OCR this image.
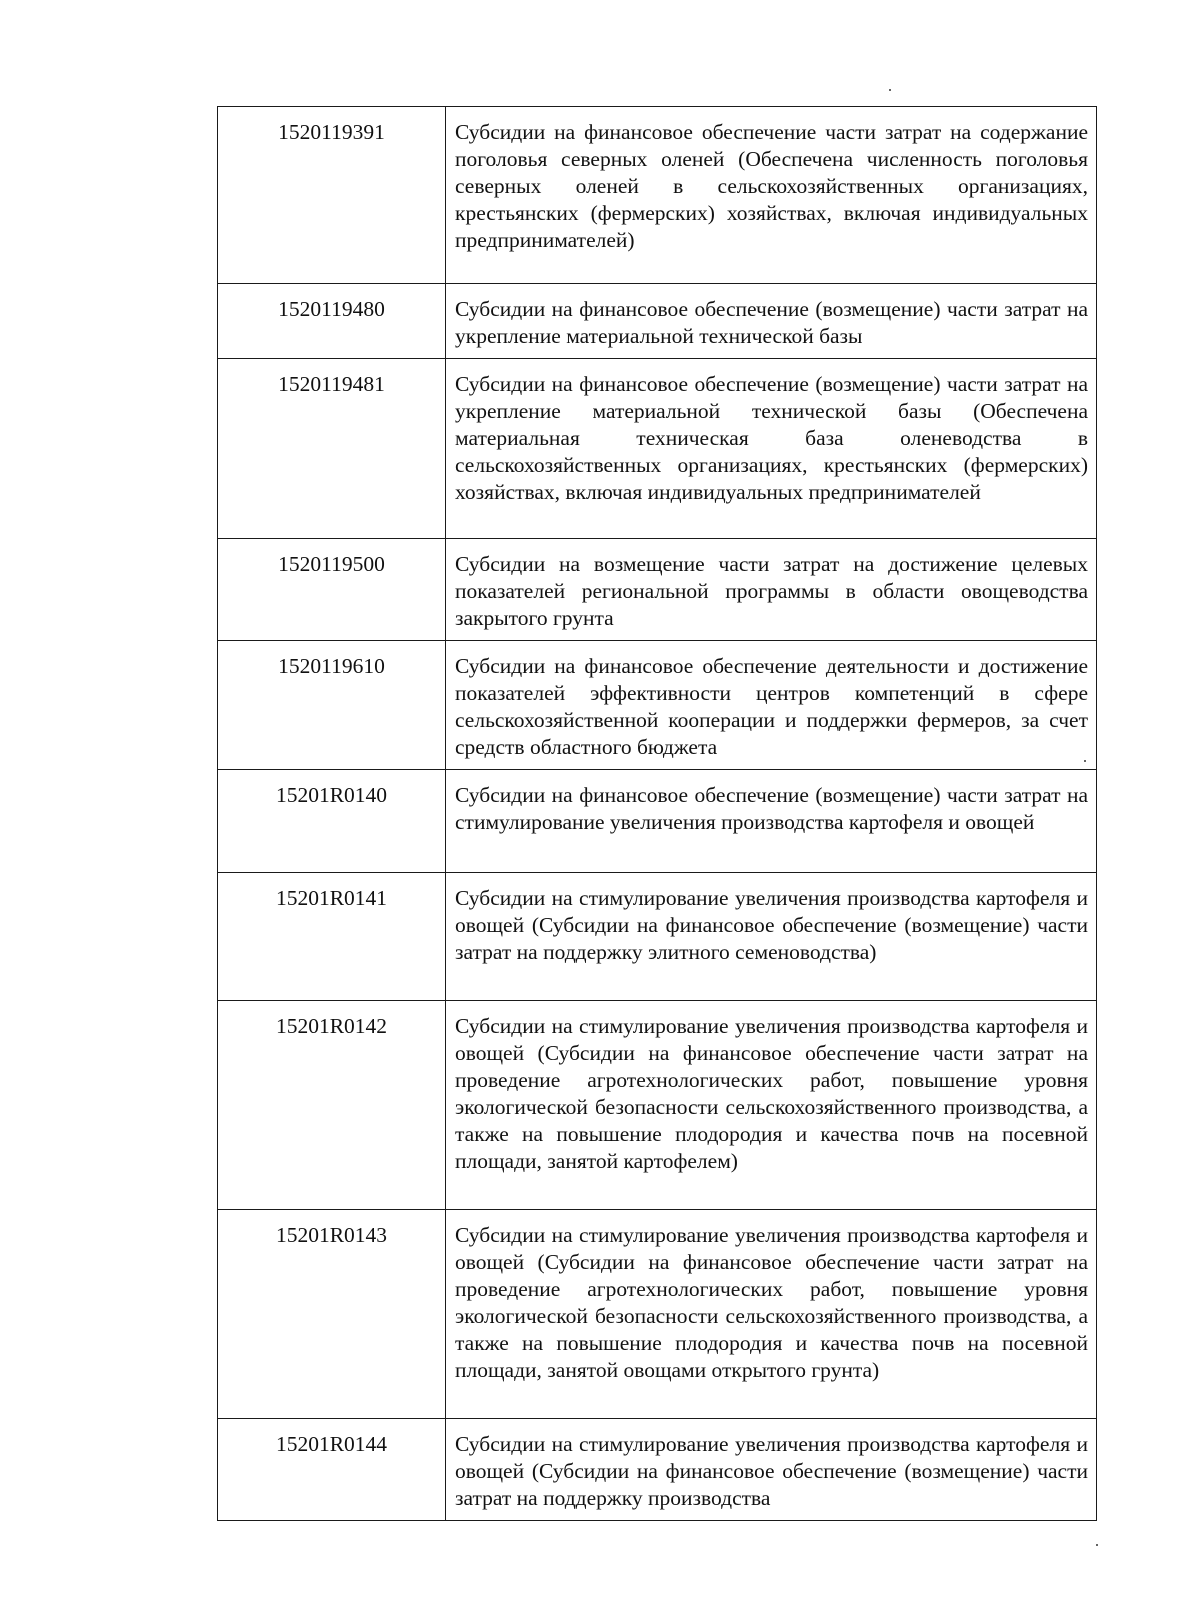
1520119391	Субсидии на финансовое обеспечение части затрат на содержание поголовья северных оленей (Обеспечена численность поголовья северных оленей в сельскохозяйственных организациях, крестьянских (фермерских) хозяйствах, включая индивидуальных предпринимателей)
1520119480	Субсидии на финансовое обеспечение (возмещение) части затрат на укрепление материальной технической базы
1520119481	Субсидии на финансовое обеспечение (возмещение) части затрат на укрепление материальной технической базы (Обеспечена материальная техническая база оленеводства в сельскохозяйственных организациях, крестьянских (фермерских) хозяйствах, включая индивидуальных предпринимателей
1520119500	Субсидии на возмещение части затрат на достижение целевых показателей региональной программы в области овощеводства закрытого грунта
1520119610	Субсидии на финансовое обеспечение деятельности и достижение показателей эффективности центров компетенций в сфере сельскохозяйственной кооперации и поддержки фермеров, за счет средств областного бюджета
15201R0140	Субсидии на финансовое обеспечение (возмещение) части затрат на стимулирование увеличения производства картофеля и овощей
15201R0141	Субсидии на стимулирование увеличения производства картофеля и овощей (Субсидии на финансовое обеспечение (возмещение) части затрат на поддержку элитного семеноводства)
15201R0142	Субсидии на стимулирование увеличения производства картофеля и овощей (Субсидии на финансовое обеспечение части затрат на проведение агротехнологических работ, повышение уровня экологической безопасности сельскохозяйственного производства, а также на повышение плодородия и качества почв на посевной площади, занятой картофелем)
15201R0143	Субсидии на стимулирование увеличения производства картофеля и овощей (Субсидии на финансовое обеспечение части затрат на проведение агротехнологических работ, повышение уровня экологической безопасности сельскохозяйственного производства, а также на повышение плодородия и качества почв на посевной площади, занятой овощами открытого грунта)
15201R0144	Субсидии на стимулирование увеличения производства картофеля и овощей (Субсидии на финансовое обеспечение (возмещение) части затрат на поддержку производства
